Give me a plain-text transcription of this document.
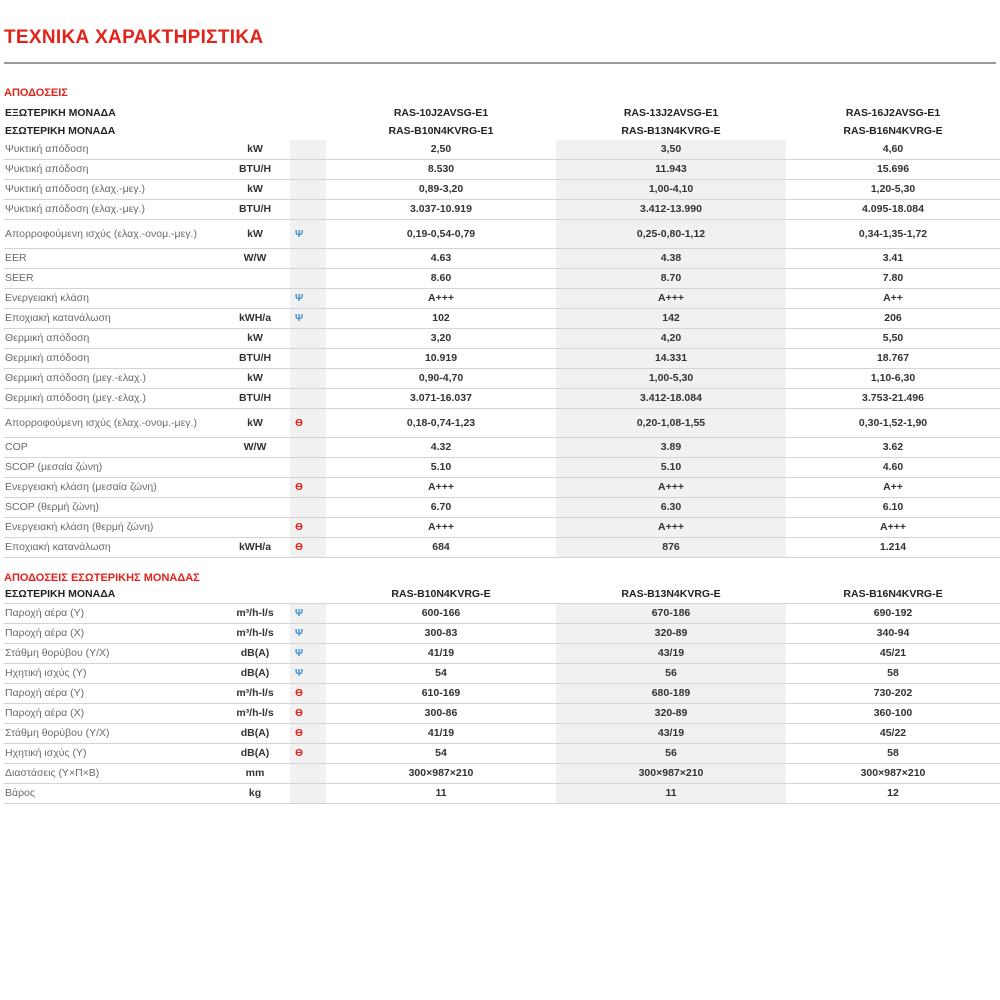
ΤΕΧΝΙΚΑ ΧΑΡΑΚΤΗΡΙΣΤΙΚΑ
ΑΠΟΔΟΣΕΙΣ
ΕΞΩΤΕΡΙΚΗ ΜΟΝΑΔΑ				RAS-10J2AVSG-E1	RAS-13J2AVSG-E1	RAS-16J2AVSG-E1
ΕΣΩΤΕΡΙΚΗ ΜΟΝΑΔΑ				RAS-B10N4KVRG-E1	RAS-B13N4KVRG-E	RAS-B16N4KVRG-E
Ψυκτική απόδοση	kW			2,50	3,50	4,60
Ψυκτική απόδοση	BTU/H			8.530	11.943	15.696
Ψυκτική απόδοση (ελαχ.-μεγ.)	kW			0,89-3,20	1,00-4,10	1,20-5,30
Ψυκτική απόδοση (ελαχ.-μεγ.)	BTU/H			3.037-10.919	3.412-13.990	4.095-18.084
Απορροφούμενη ισχύς (ελαχ.-ονομ.-μεγ.)	kW	Ψ		0,19-0,54-0,79	0,25-0,80-1,12	0,34-1,35-1,72
EER	W/W			4.63	4.38	3.41
SEER				8.60	8.70	7.80
Ενεργειακή κλάση		Ψ		A+++	A+++	A++
Εποχιακή κατανάλωση	kWH/a	Ψ		102	142	206
Θερμική απόδοση	kW			3,20	4,20	5,50
Θερμική απόδοση	BTU/H			10.919	14.331	18.767
Θερμική απόδοση (μεγ.-ελαχ.)	kW			0,90-4,70	1,00-5,30	1,10-6,30
Θερμική απόδοση (μεγ.-ελαχ.)	BTU/H			3.071-16.037	3.412-18.084	3.753-21.496
Απορροφούμενη ισχύς (ελαχ.-ονομ.-μεγ.)	kW	ϴ		0,18-0,74-1,23	0,20-1,08-1,55	0,30-1,52-1,90
COP	W/W			4.32	3.89	3.62
SCOP (μεσαία ζώνη)				5.10	5.10	4.60
Ενεργειακή κλάση (μεσαία ζώνη)		ϴ		A+++	A+++	A++
SCOP (θερμή ζώνη)				6.70	6.30	6.10
Ενεργειακή κλάση (θερμή ζώνη)		ϴ		A+++	A+++	A+++
Εποχιακή κατανάλωση	kWH/a	ϴ		684	876	1.214
ΑΠΟΔΟΣΕΙΣ ΕΣΩΤΕΡΙΚΗΣ ΜΟΝΑΔΑΣ
ΕΣΩΤΕΡΙΚΗ ΜΟΝΑΔΑ				RAS-B10N4KVRG-E	RAS-B13N4KVRG-E	RAS-B16N4KVRG-E
Παροχή αέρα (Υ)	m³/h-l/s	Ψ		600-166	670-186	690-192
Παροχή αέρα (Χ)	m³/h-l/s	Ψ		300-83	320-89	340-94
Στάθμη θορύβου (Υ/Χ)	dB(A)	Ψ		41/19	43/19	45/21
Ηχητική ισχύς (Υ)	dB(A)	Ψ		54	56	58
Παροχή αέρα (Υ)	m³/h-l/s	ϴ		610-169	680-189	730-202
Παροχή αέρα (Χ)	m³/h-l/s	ϴ		300-86	320-89	360-100
Στάθμη θορύβου (Υ/Χ)	dB(A)	ϴ		41/19	43/19	45/22
Ηχητική ισχύς (Υ)	dB(A)	ϴ		54	56	58
Διαστάσεις (Υ×Π×Β)	mm			300×987×210	300×987×210	300×987×210
Βάρος	kg			11	11	12
